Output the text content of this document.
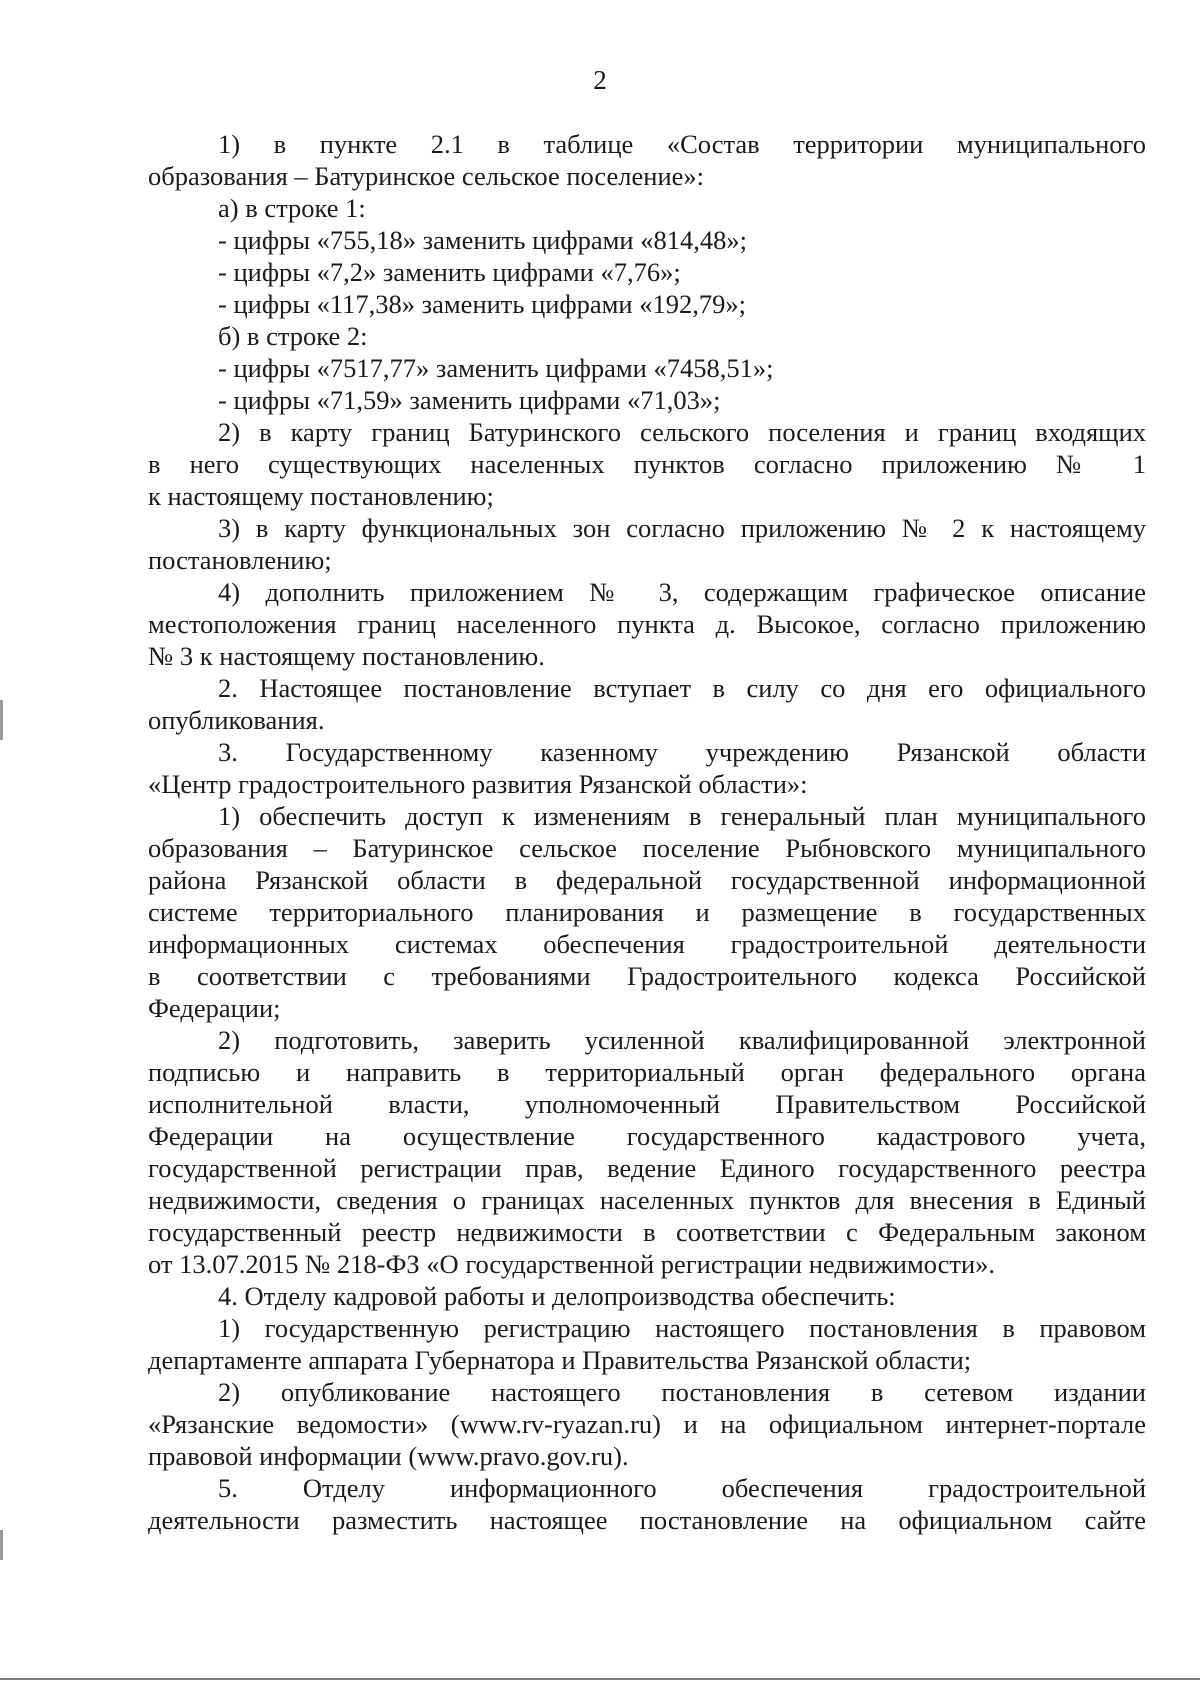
2
1) в пункте 2.1 в таблице «Состав территории муниципального
образования – Батуринское сельское поселение»:
а) в строке 1:
- цифры «755,18» заменить цифрами «814,48»;
- цифры «7,2» заменить цифрами «7,76»;
- цифры «117,38» заменить цифрами «192,79»;
б) в строке 2:
- цифры «7517,77» заменить цифрами «7458,51»;
- цифры «71,59» заменить цифрами «71,03»;
2) в карту границ Батуринского сельского поселения и границ входящих
в него существующих населенных пунктов согласно приложению № 1
к настоящему постановлению;
3) в карту функциональных зон согласно приложению № 2 к настоящему
постановлению;
4) дополнить приложением № 3, содержащим графическое описание
местоположения границ населенного пункта д. Высокое, согласно приложению
№ 3 к настоящему постановлению.
2. Настоящее постановление вступает в силу со дня его официального
опубликования.
3. Государственному казенному учреждению Рязанской области
«Центр градостроительного развития Рязанской области»:
1) обеспечить доступ к изменениям в генеральный план муниципального
образования – Батуринское сельское поселение Рыбновского муниципального
района Рязанской области в федеральной государственной информационной
системе территориального планирования и размещение в государственных
информационных системах обеспечения градостроительной деятельности
в соответствии с требованиями Градостроительного кодекса Российской
Федерации;
2) подготовить, заверить усиленной квалифицированной электронной
подписью и направить в территориальный орган федерального органа
исполнительной власти, уполномоченный Правительством Российской
Федерации на осуществление государственного кадастрового учета,
государственной регистрации прав, ведение Единого государственного реестра
недвижимости, сведения о границах населенных пунктов для внесения в Единый
государственный реестр недвижимости в соответствии с Федеральным законом
от 13.07.2015 № 218-ФЗ «О государственной регистрации недвижимости».
4. Отделу кадровой работы и делопроизводства обеспечить:
1) государственную регистрацию настоящего постановления в правовом
департаменте аппарата Губернатора и Правительства Рязанской области;
2) опубликование настоящего постановления в сетевом издании
«Рязанские ведомости» (www.rv-ryazan.ru) и на официальном интернет-портале
правовой информации (www.pravo.gov.ru).
5. Отделу информационного обеспечения градостроительной
деятельности разместить настоящее постановление на официальном сайте
